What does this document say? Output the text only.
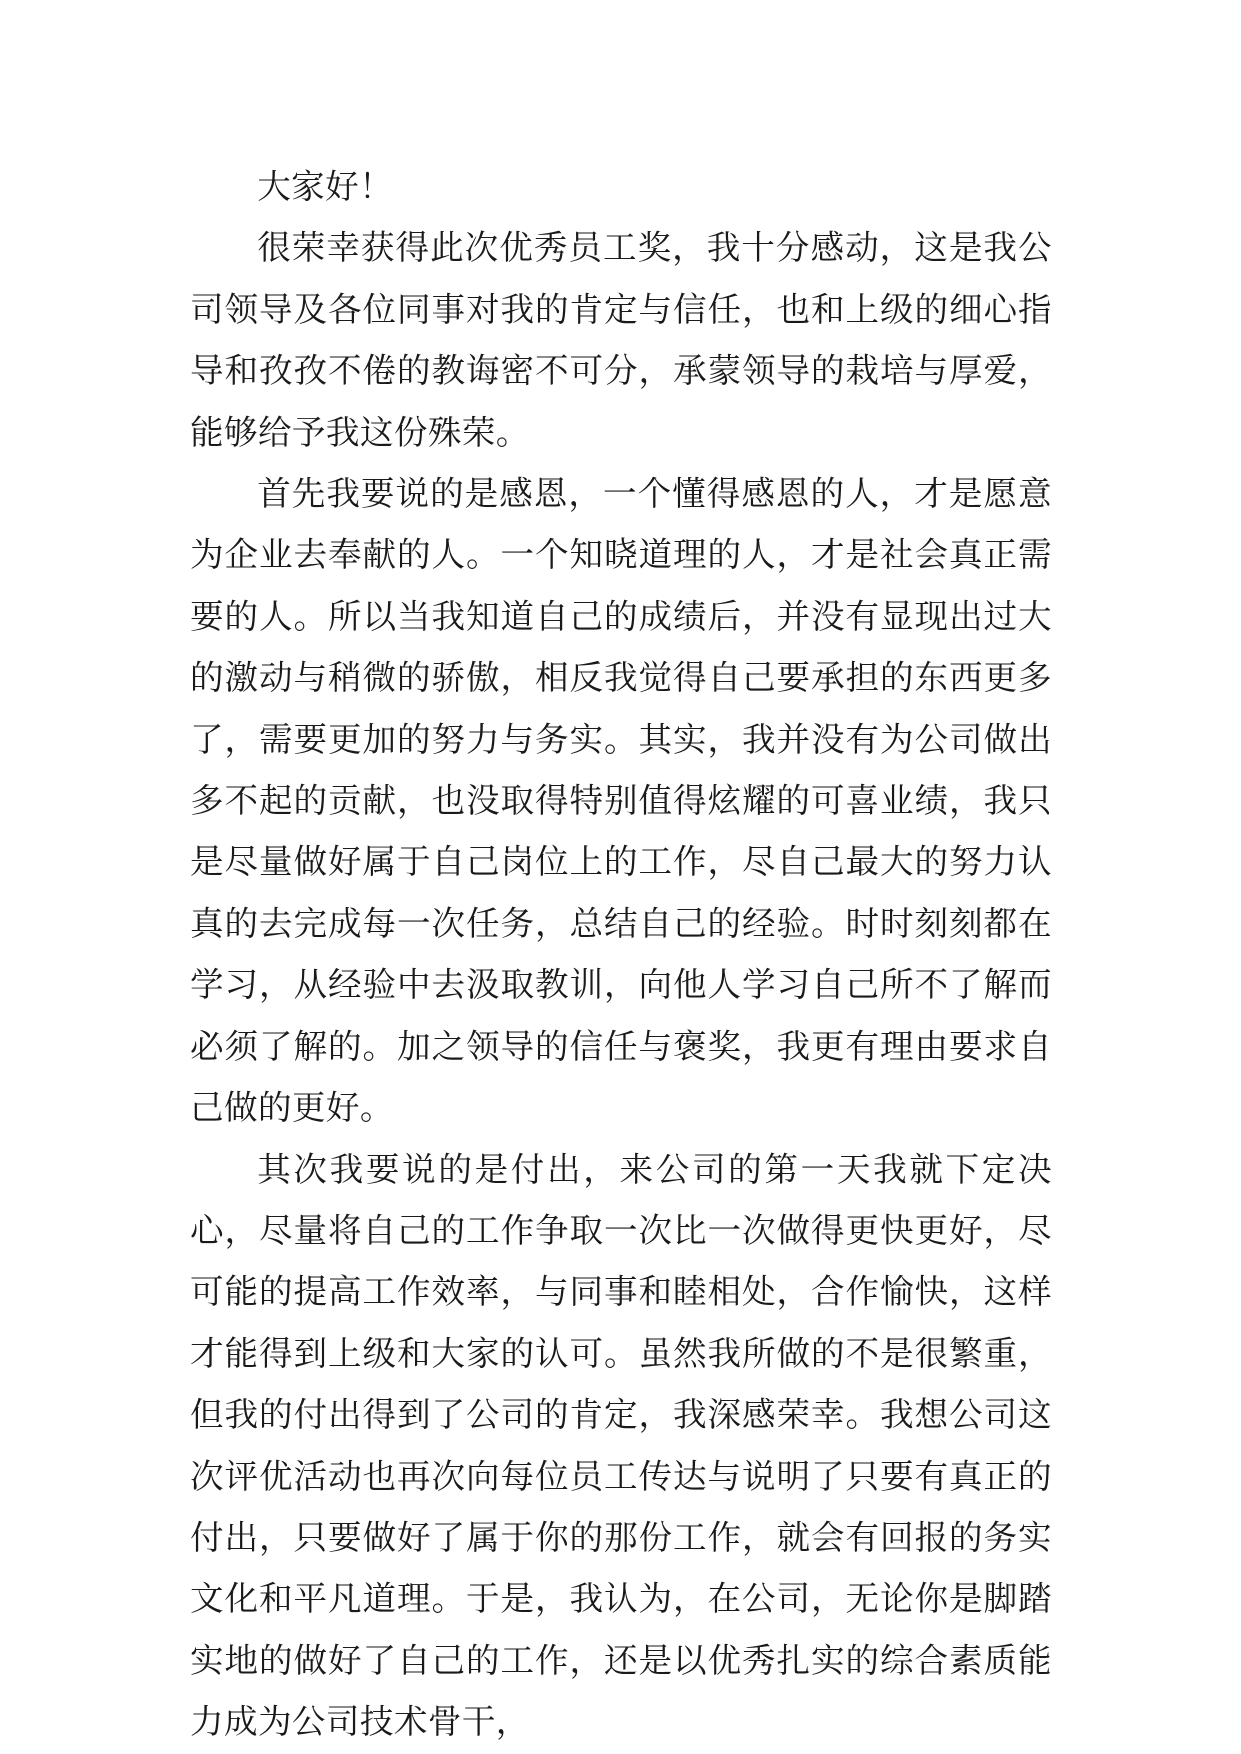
大家好！

很荣幸获得此次优秀员工奖，我十分感动，这是我公司领导及各位同事对我的肯定与信任，也和上级的细心指导和孜孜不倦的教诲密不可分，承蒙领导的栽培与厚爱，能够给予我这份殊荣。

首先我要说的是感恩，一个懂得感恩的人，才是愿意为企业去奉献的人。一个知晓道理的人，才是社会真正需要的人。所以当我知道自己的成绩后，并没有显现出过大的激动与稍微的骄傲，相反我觉得自己要承担的东西更多了，需要更加的努力与务实。其实，我并没有为公司做出多不起的贡献，也没取得特别值得炫耀的可喜业绩，我只是尽量做好属于自己岗位上的工作，尽自己最大的努力认真的去完成每一次任务，总结自己的经验。时时刻刻都在学习，从经验中去汲取教训，向他人学习自己所不了解而必须了解的。加之领导的信任与褒奖，我更有理由要求自己做的更好。

其次我要说的是付出，来公司的第一天我就下定决心，尽量将自己的工作争取一次比一次做得更快更好，尽可能的提高工作效率，与同事和睦相处，合作愉快，这样才能得到上级和大家的认可。虽然我所做的不是很繁重，但我的付出得到了公司的肯定，我深感荣幸。我想公司这次评优活动也再次向每位员工传达与说明了只要有真正的付出，只要做好了属于你的那份工作，就会有回报的务实文化和平凡道理。于是，我认为，在公司，无论你是脚踏实地的做好了自己的工作，还是以优秀扎实的综合素质能力成为公司技术骨干，
